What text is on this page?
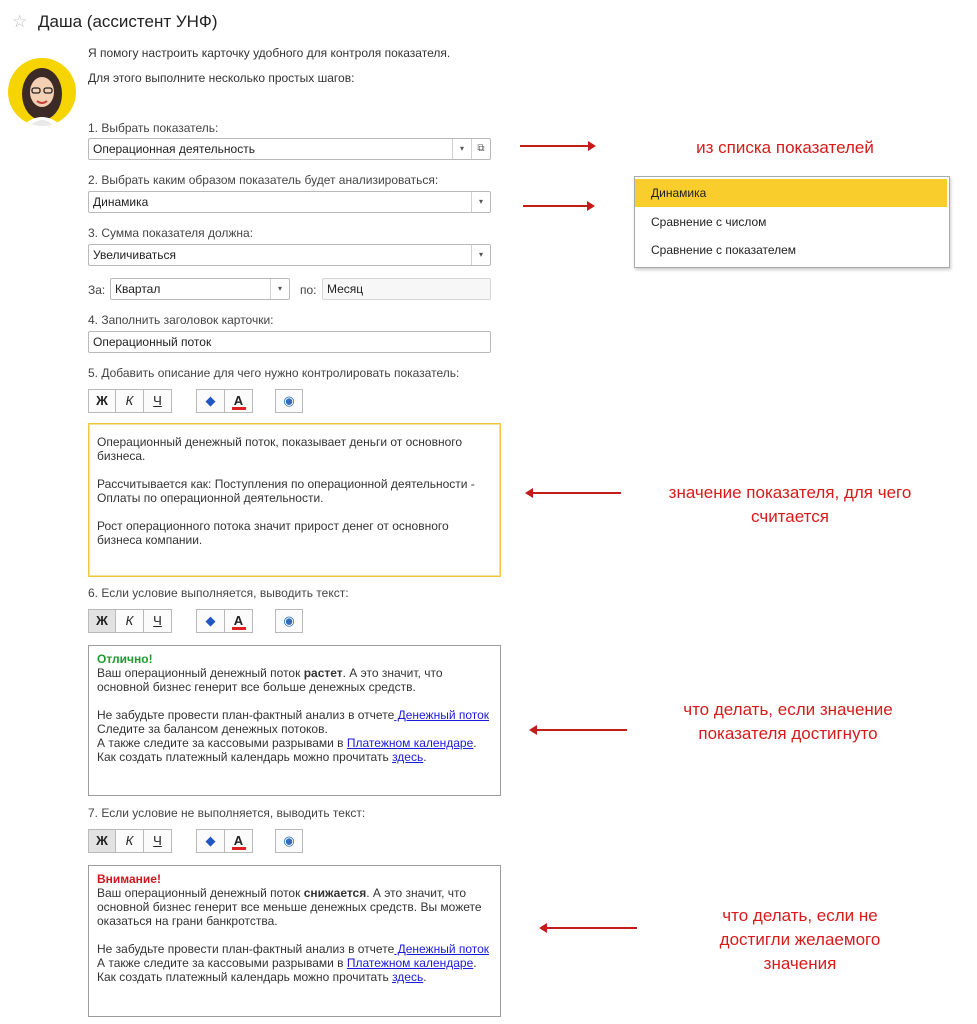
☆ Даша (ассистент УНФ)
Я помогу настроить карточку удобного для контроля показателя.
Для этого выполните несколько простых шагов:
1. Выбрать показатель:
Операционная деятельность	▾	⧉
2. Выбрать каким образом показатель будет анализироваться:
Динамика	▾
3. Сумма показателя должна:
Увеличиваться	▾
За: Квартал	▾	по: Месяц
4. Заполнить заголовок карточки:
Операционный поток
5. Добавить описание для чего нужно контролировать показатель:
Ж	К	Ч	◆	A	◉
Операционный денежный поток, показывает деньги от основного бизнеса.
Рассчитывается как: Поступления по операционной деятельности - Оплаты по операционной деятельности.
Рост операционного потока значит прирост денег от основного бизнеса компании.
6. Если условие выполняется, выводить текст:
Ж	К	Ч	◆	A	◉
Отлично!
Ваш операционный денежный поток растет. А это значит, что основной бизнес генерит все больше денежных средств.
Не забудьте провести план-фактный анализ в отчете Денежный поток
Следите за балансом денежных потоков.
А также следите за кассовыми разрывами в Платежном календаре.
Как создать платежный календарь можно прочитать здесь.
7. Если условие не выполняется, выводить текст:
Ж	К	Ч	◆	A	◉
Внимание!
Ваш операционный денежный поток снижается. А это значит, что основной бизнес генерит все меньше денежных средств. Вы можете оказаться на грани банкротства.
Не забудьте провести план-фактный анализ в отчете Денежный поток
А также следите за кассовыми разрывами в Платежном календаре.
Как создать платежный календарь можно прочитать здесь.
Динамика
Сравнение с числом
Сравнение с показателем
из списка показателей
значение показателя, для чего считается
что делать, если значение показателя достигнуто
что делать, если не достигли желаемого значения
